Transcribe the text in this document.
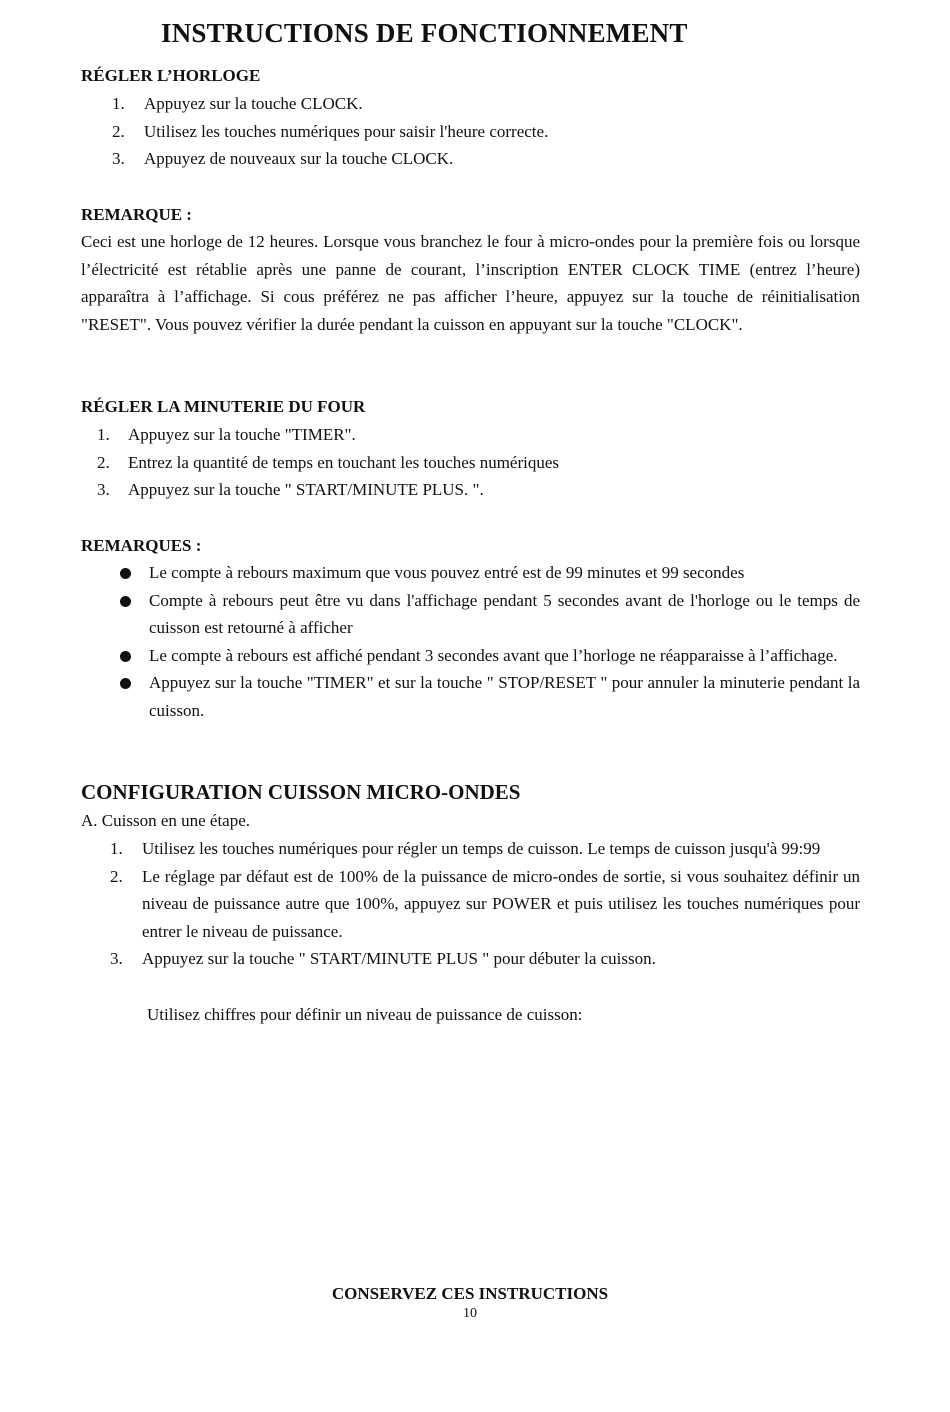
INSTRUCTIONS DE FONCTIONNEMENT
RÉGLER L’HORLOGE
1. Appuyez sur la touche CLOCK.
2. Utilisez les touches numériques pour saisir l'heure correcte.
3. Appuyez de nouveaux sur la touche CLOCK.
REMARQUE :

Ceci est une horloge de 12 heures. Lorsque vous branchez le four à micro-ondes pour la première fois ou lorsque l’électricité est rétablie après une panne de courant, l’inscription ENTER CLOCK TIME (entrez l’heure) apparaîtra à l’affichage. Si cous préférez ne pas afficher l’heure, appuyez sur la touche de réinitialisation "RESET". Vous pouvez vérifier la durée pendant la cuisson en appuyant sur la touche "CLOCK".

RÉGLER LA MINUTERIE DU FOUR
1. Appuyez sur la touche "TIMER".
2. Entrez la quantité de temps en touchant les touches numériques
3. Appuyez sur la touche " START/MINUTE PLUS. ".
REMARQUES :
Le compte à rebours maximum que vous pouvez entré est de 99 minutes et 99 secondes
Compte à rebours peut être vu dans l'affichage pendant 5 secondes avant de l'horloge ou le temps de cuisson est retourné à afficher
Le compte à rebours est affiché pendant 3 secondes avant que l’horloge ne réapparaisse à l’affichage.
Appuyez sur la touche "TIMER" et sur la touche " STOP/RESET " pour annuler la minuterie pendant la cuisson.
CONFIGURATION CUISSON MICRO-ONDES

A. Cuisson en une étape.

1. Utilisez les touches numériques pour régler un temps de cuisson. Le temps de cuisson jusqu'à 99:99
2. Le réglage par défaut est de 100% de la puissance de micro-ondes de sortie, si vous souhaitez définir un niveau de puissance autre que 100%, appuyez sur POWER et puis utilisez les touches numériques pour entrer le niveau de puissance.
3. Appuyez sur la touche " START/MINUTE PLUS " pour débuter la cuisson.

Utilisez chiffres pour définir un niveau de puissance de cuisson:

CONSERVEZ CES INSTRUCTIONS

10
